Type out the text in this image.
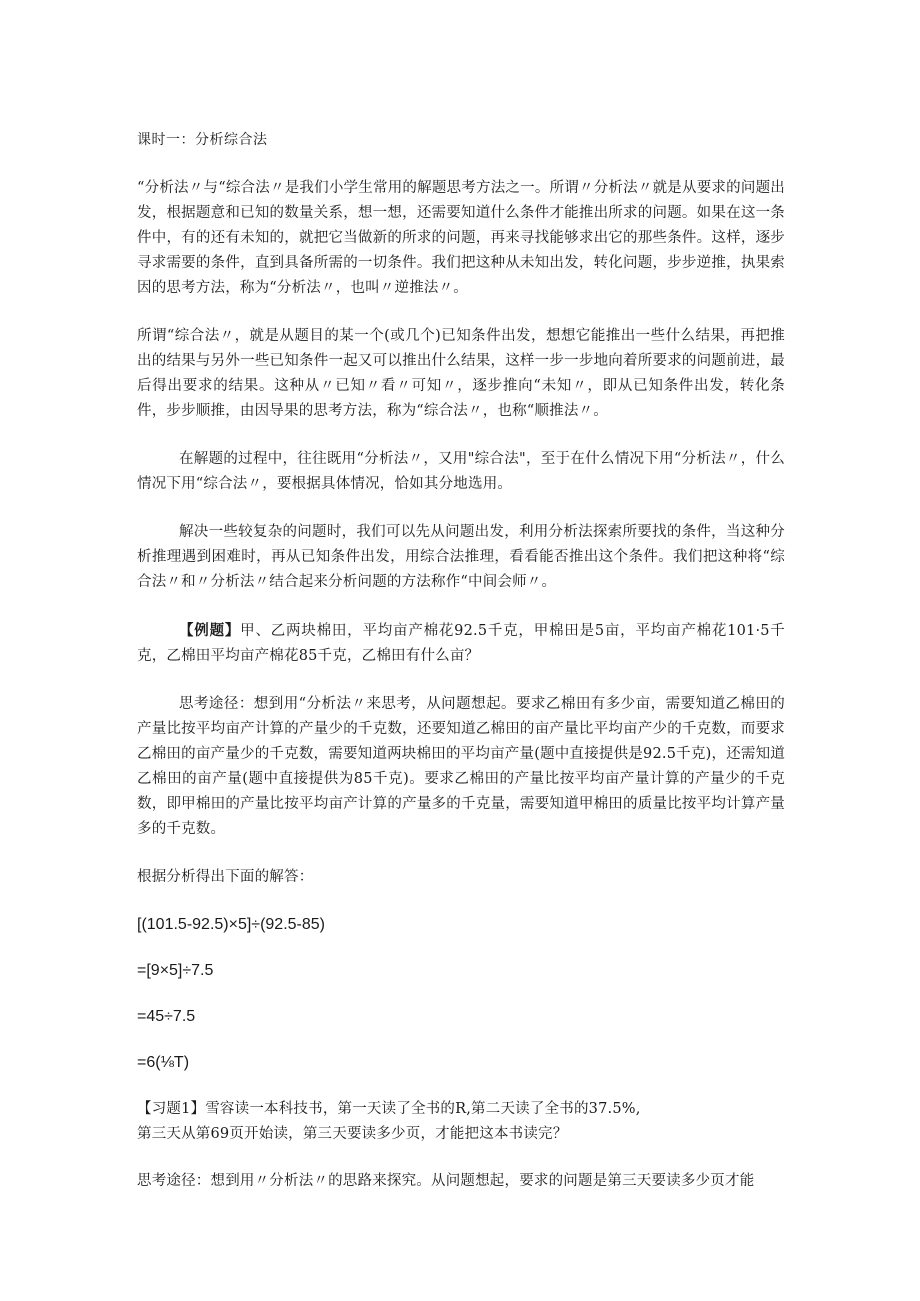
课时一：分析综合法

“分析法〃与“综合法〃是我们小学生常用的解题思考方法之一。所谓〃分析法〃就是从要求的问题出发，根据题意和已知的数量关系，想一想，还需要知道什么条件才能推出所求的问题。如果在这一条件中，有的还有未知的，就把它当做新的所求的问题，再来寻找能够求出它的那些条件。这样，逐步寻求需要的条件，直到具备所需的一切条件。我们把这种从未知出发，转化问题，步步逆推，执果索因的思考方法，称为“分析法〃，也叫〃逆推法〃。

所谓“综合法〃，就是从题目的某一个(或几个)已知条件出发，想想它能推出一些什么结果，再把推出的结果与另外一些已知条件一起又可以推出什么结果，这样一步一步地向着所要求的问题前进，最后得出要求的结果。这种从〃已知〃看〃可知〃，逐步推向“未知〃，即从已知条件出发，转化条件，步步顺推，由因导果的思考方法，称为“综合法〃，也称“顺推法〃。

在解题的过程中，往往既用“分析法〃，又用"综合法"，至于在什么情况下用“分析法〃，什么情况下用“综合法〃，要根据具体情况，恰如其分地选用。

解决一些较复杂的问题时，我们可以先从问题出发，利用分析法探索所要找的条件，当这种分析推理遇到困难时，再从已知条件出发，用综合法推理，看看能否推出这个条件。我们把这种将“综合法〃和〃分析法〃结合起来分析问题的方法称作“中间会师〃。

【例题】甲、乙两块棉田，平均亩产棉花92.5千克，甲棉田是5亩，平均亩产棉花101·5千克，乙棉田平均亩产棉花85千克，乙棉田有什么亩？

思考途径：想到用“分析法〃来思考，从问题想起。要求乙棉田有多少亩，需要知道乙棉田的产量比按平均亩产计算的产量少的千克数，还要知道乙棉田的亩产量比平均亩产少的千克数，而要求乙棉田的亩产量少的千克数，需要知道两块棉田的平均亩产量(题中直接提供是92.5千克)，还需知道乙棉田的亩产量(题中直接提供为85千克)。要求乙棉田的产量比按平均亩产量计算的产量少的千克数，即甲棉田的产量比按平均亩产计算的产量多的千克量，需要知道甲棉田的质量比按平均计算产量多的千克数。

根据分析得出下面的解答：

[(101.5-92.5)×5]÷(92.5-85)
=[9×5]÷7.5
=45÷7.5
=6(⅛T)

【习题1】雪容读一本科技书，第一天读了全书的R,第二天读了全书的37.5%,
第三天从第69页开始读，第三天要读多少页，才能把这本书读完？

思考途径：想到用〃分析法〃的思路来探究。从问题想起，要求的问题是第三天要读多少页才能
